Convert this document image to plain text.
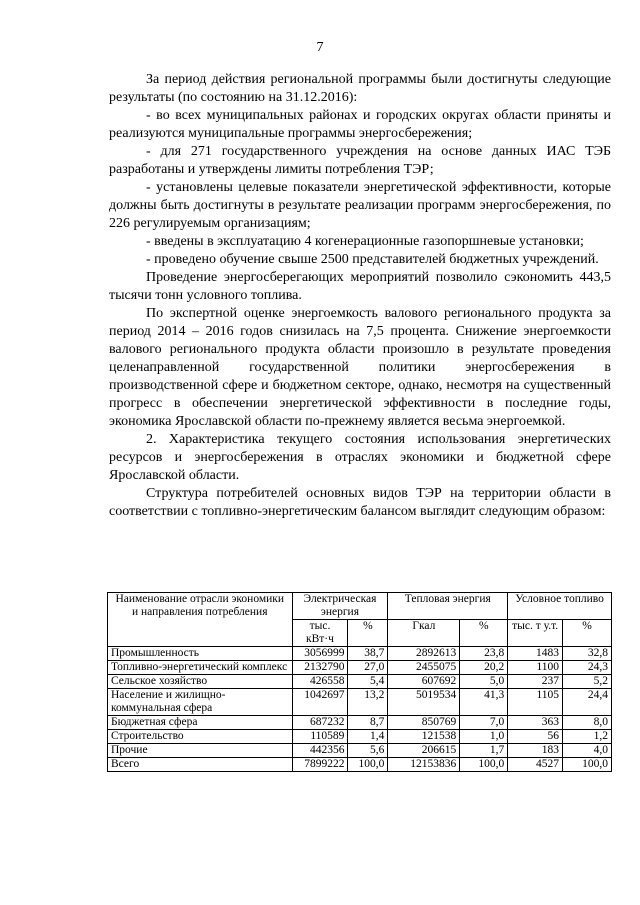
7

За период действия региональной программы были достигнуты следующие результаты (по состоянию на 31.12.2016):

- во всех муниципальных районах и городских округах области приняты и реализуются муниципальные программы энергосбережения;

- для 271 государственного учреждения на основе данных ИАС ТЭБ разработаны и утверждены лимиты потребления ТЭР;

- установлены целевые показатели энергетической эффективности, которые должны быть достигнуты в результате реализации программ энергосбережения, по 226 регулируемым организациям;

- введены в эксплуатацию 4 когенерационные газопоршневые установки;

- проведено обучение свыше 2500 представителей бюджетных учреждений.

Проведение энергосберегающих мероприятий позволило сэкономить 443,5 тысячи тонн условного топлива.

По экспертной оценке энергоемкость валового регионального продукта за период 2014 – 2016 годов снизилась на 7,5 процента. Снижение энергоемкости валового регионального продукта области произошло в результате проведения целенаправленной государственной политики энергосбережения в производственной сфере и бюджетном секторе, однако, несмотря на существенный прогресс в обеспечении энергетической эффективности в последние годы, экономика Ярославской области по-прежнему является весьма энергоемкой.

2. Характеристика текущего состояния использования энергетических ресурсов и энергосбережения в отраслях экономики и бюджетной сфере Ярославской области.

Структура потребителей основных видов ТЭР на территории области в соответствии с топливно-энергетическим балансом выглядит следующим образом:

Наименование отрасли экономики и направления потребления	Электрическая энергия		Тепловая энергия		Условное топливо	
	тыс. кВт·ч	%	Гкал	%	тыс. т у.т.	%
Промышленность	3056999	38,7	2892613	23,8	1483	32,8
Топливно-энергетический комплекс	2132790	27,0	2455075	20,2	1100	24,3
Сельское хозяйство	426558	5,4	607692	5,0	237	5,2
Население и жилищно-коммунальная сфера	1042697	13,2	5019534	41,3	1105	24,4
Бюджетная сфера	687232	8,7	850769	7,0	363	8,0
Строительство	110589	1,4	121538	1,0	56	1,2
Прочие	442356	5,6	206615	1,7	183	4,0
Всего	7899222	100,0	12153836	100,0	4527	100,0
